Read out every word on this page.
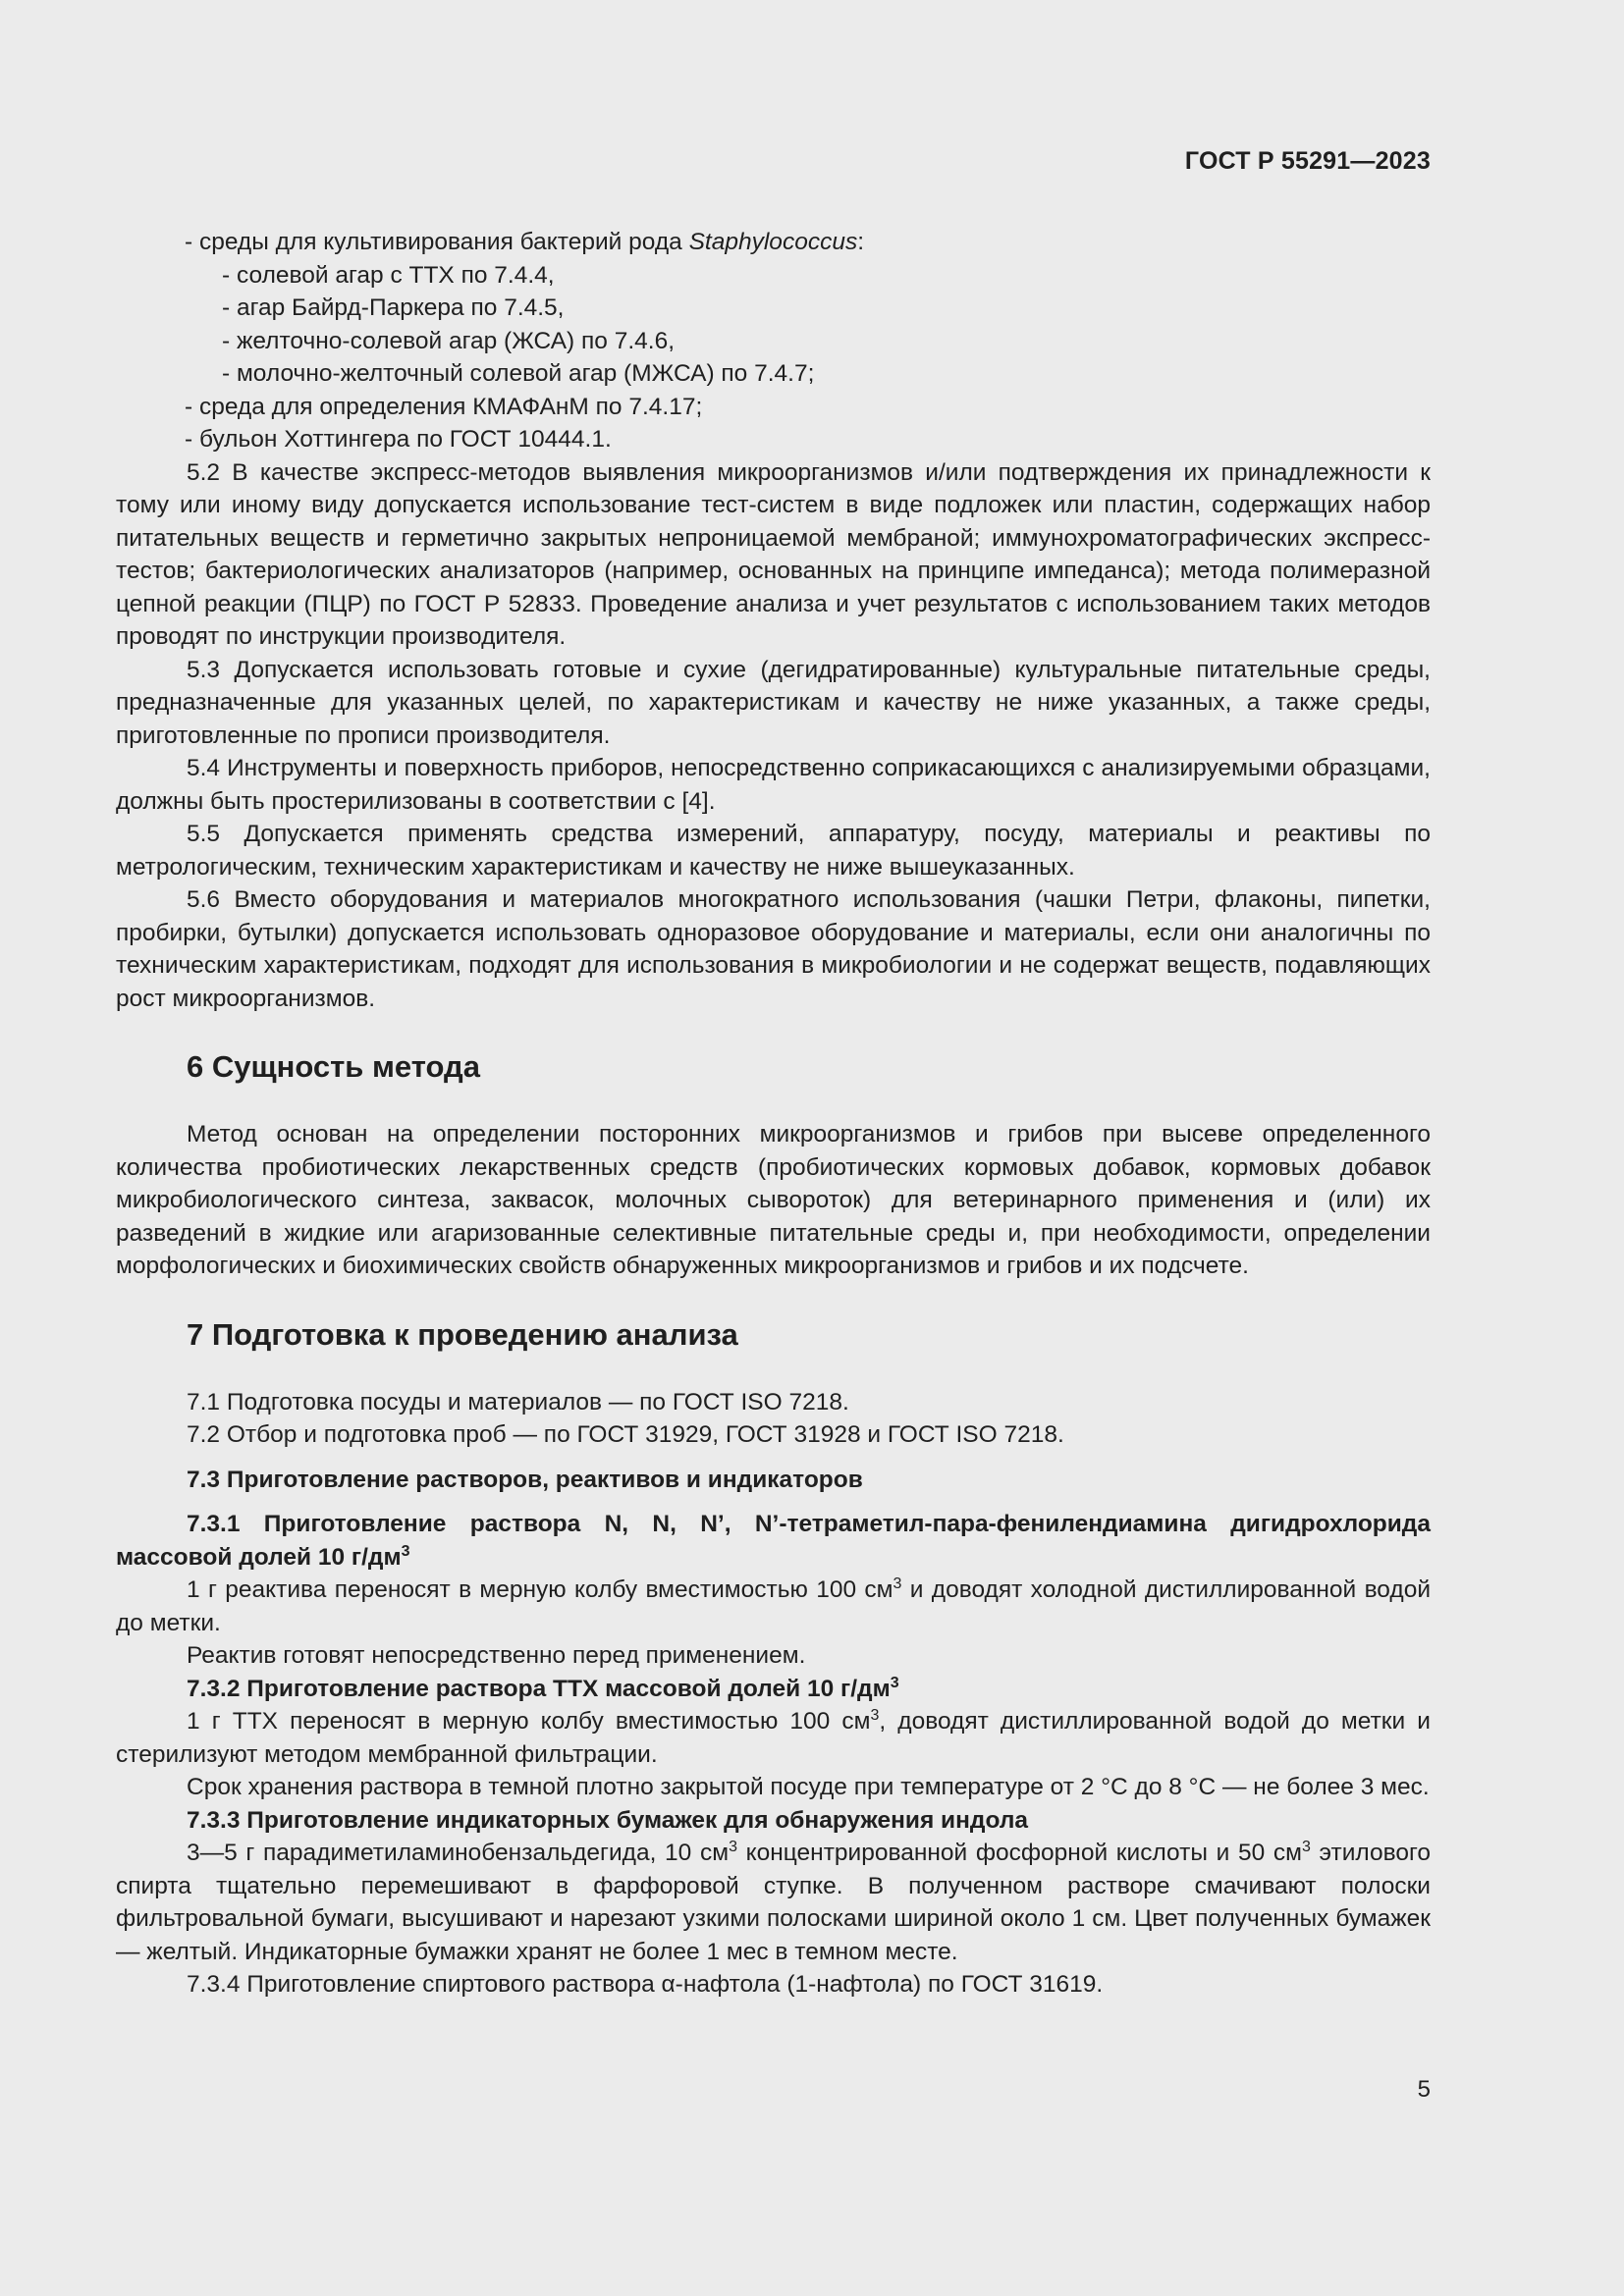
ГОСТ Р 55291—2023
- среды для культивирования бактерий рода Staphylococcus:
- солевой агар с ТТХ по 7.4.4,
- агар Байрд-Паркера по 7.4.5,
- желточно-солевой агар (ЖСА) по 7.4.6,
- молочно-желточный солевой агар (МЖСА) по 7.4.7;
- среда для определения КМАФАнМ по 7.4.17;
- бульон Хоттингера по ГОСТ 10444.1.
5.2 В качестве экспресс-методов выявления микроорганизмов и/или подтверждения их принадлежности к тому или иному виду допускается использование тест-систем в виде подложек или пластин, содержащих набор питательных веществ и герметично закрытых непроницаемой мембраной; иммунохроматографических экспресс-тестов; бактериологических анализаторов (например, основанных на принципе импеданса); метода полимеразной цепной реакции (ПЦР) по ГОСТ Р 52833. Проведение анализа и учет результатов с использованием таких методов проводят по инструкции производителя.
5.3 Допускается использовать готовые и сухие (дегидратированные) культуральные питательные среды, предназначенные для указанных целей, по характеристикам и качеству не ниже указанных, а также среды, приготовленные по прописи производителя.
5.4 Инструменты и поверхность приборов, непосредственно соприкасающихся с анализируемыми образцами, должны быть простерилизованы в соответствии с [4].
5.5 Допускается применять средства измерений, аппаратуру, посуду, материалы и реактивы по метрологическим, техническим характеристикам и качеству не ниже вышеуказанных.
5.6 Вместо оборудования и материалов многократного использования (чашки Петри, флаконы, пипетки, пробирки, бутылки) допускается использовать одноразовое оборудование и материалы, если они аналогичны по техническим характеристикам, подходят для использования в микробиологии и не содержат веществ, подавляющих рост микроорганизмов.
6 Сущность метода
Метод основан на определении посторонних микроорганизмов и грибов при высеве определенного количества пробиотических лекарственных средств (пробиотических кормовых добавок, кормовых добавок микробиологического синтеза, заквасок, молочных сывороток) для ветеринарного применения и (или) их разведений в жидкие или агаризованные селективные питательные среды и, при необходимости, определении морфологических и биохимических свойств обнаруженных микроорганизмов и грибов и их подсчете.
7 Подготовка к проведению анализа
7.1 Подготовка посуды и материалов — по ГОСТ ISO 7218.
7.2 Отбор и подготовка проб — по ГОСТ 31929, ГОСТ 31928 и ГОСТ ISO 7218.
7.3 Приготовление растворов, реактивов и индикаторов
7.3.1 Приготовление раствора N, N, N’, N’-тетраметил-пара-фенилендиамина дигидрохлорида массовой долей 10 $г/дм^3$
1 г реактива переносят в мерную колбу вместимостью 100 $см^3$ и доводят холодной дистиллированной водой до метки.
Реактив готовят непосредственно перед применением.
7.3.2 Приготовление раствора ТТХ массовой долей 10 $г/дм^3$
1 г ТТХ переносят в мерную колбу вместимостью 100 $см^3$, доводят дистиллированной водой до метки и стерилизуют методом мембранной фильтрации.
Срок хранения раствора в темной плотно закрытой посуде при температуре от 2 °С до 8 °С — не более 3 мес.
7.3.3 Приготовление индикаторных бумажек для обнаружения индола
3—5 г парадиметиламинобензальдегида, 10 $см^3$ концентрированной фосфорной кислоты и 50 $см^3$ этилового спирта тщательно перемешивают в фарфоровой ступке. В полученном растворе смачивают полоски фильтровальной бумаги, высушивают и нарезают узкими полосками шириной около 1 см. Цвет полученных бумажек — желтый. Индикаторные бумажки хранят не более 1 мес в темном месте.
7.3.4 Приготовление спиртового раствора α-нафтола (1-нафтола) по ГОСТ 31619.
5
